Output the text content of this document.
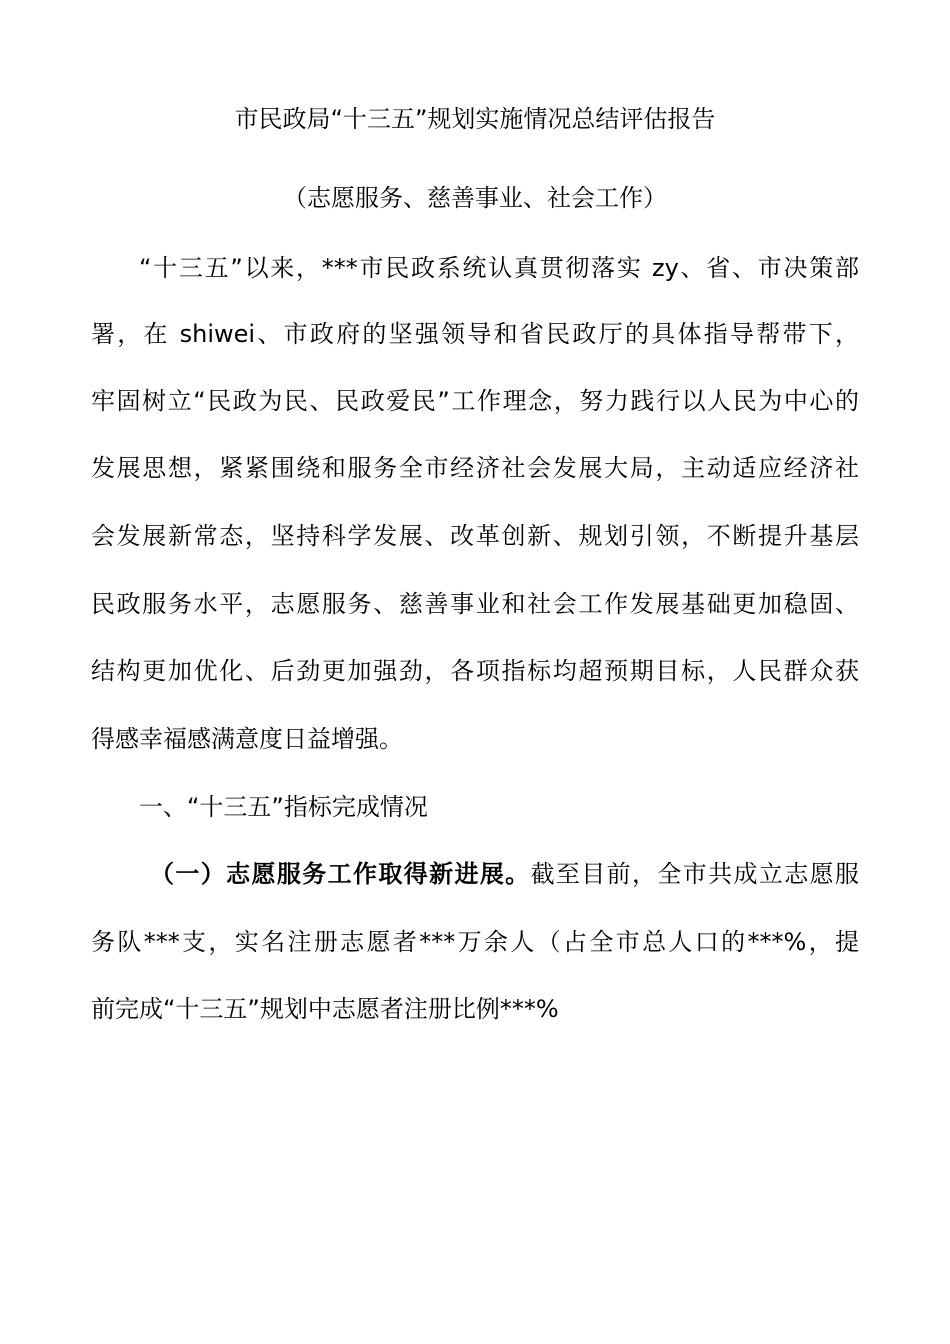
市民政局“十三五”规划实施情况总结评估报告
（志愿服务、慈善事业、社会工作）
“十三五”以来，***市民政系统认真贯彻落实 zy、省、市决策部
署，在 shiwei、市政府的坚强领导和省民政厅的具体指导帮带下，
牢固树立“民政为民、民政爱民”工作理念，努力践行以人民为中心的
发展思想，紧紧围绕和服务全市经济社会发展大局，主动适应经济社
会发展新常态，坚持科学发展、改革创新、规划引领，不断提升基层
民政服务水平，志愿服务、慈善事业和社会工作发展基础更加稳固、
结构更加优化、后劲更加强劲，各项指标均超预期目标，人民群众获
得感幸福感满意度日益增强。
一、“十三五”指标完成情况
（一）志愿服务工作取得新进展。截至目前，全市共成立志愿服
务队***支，实名注册志愿者***万余人（占全市总人口的***%，提
前完成“十三五”规划中志愿者注册比例***%
